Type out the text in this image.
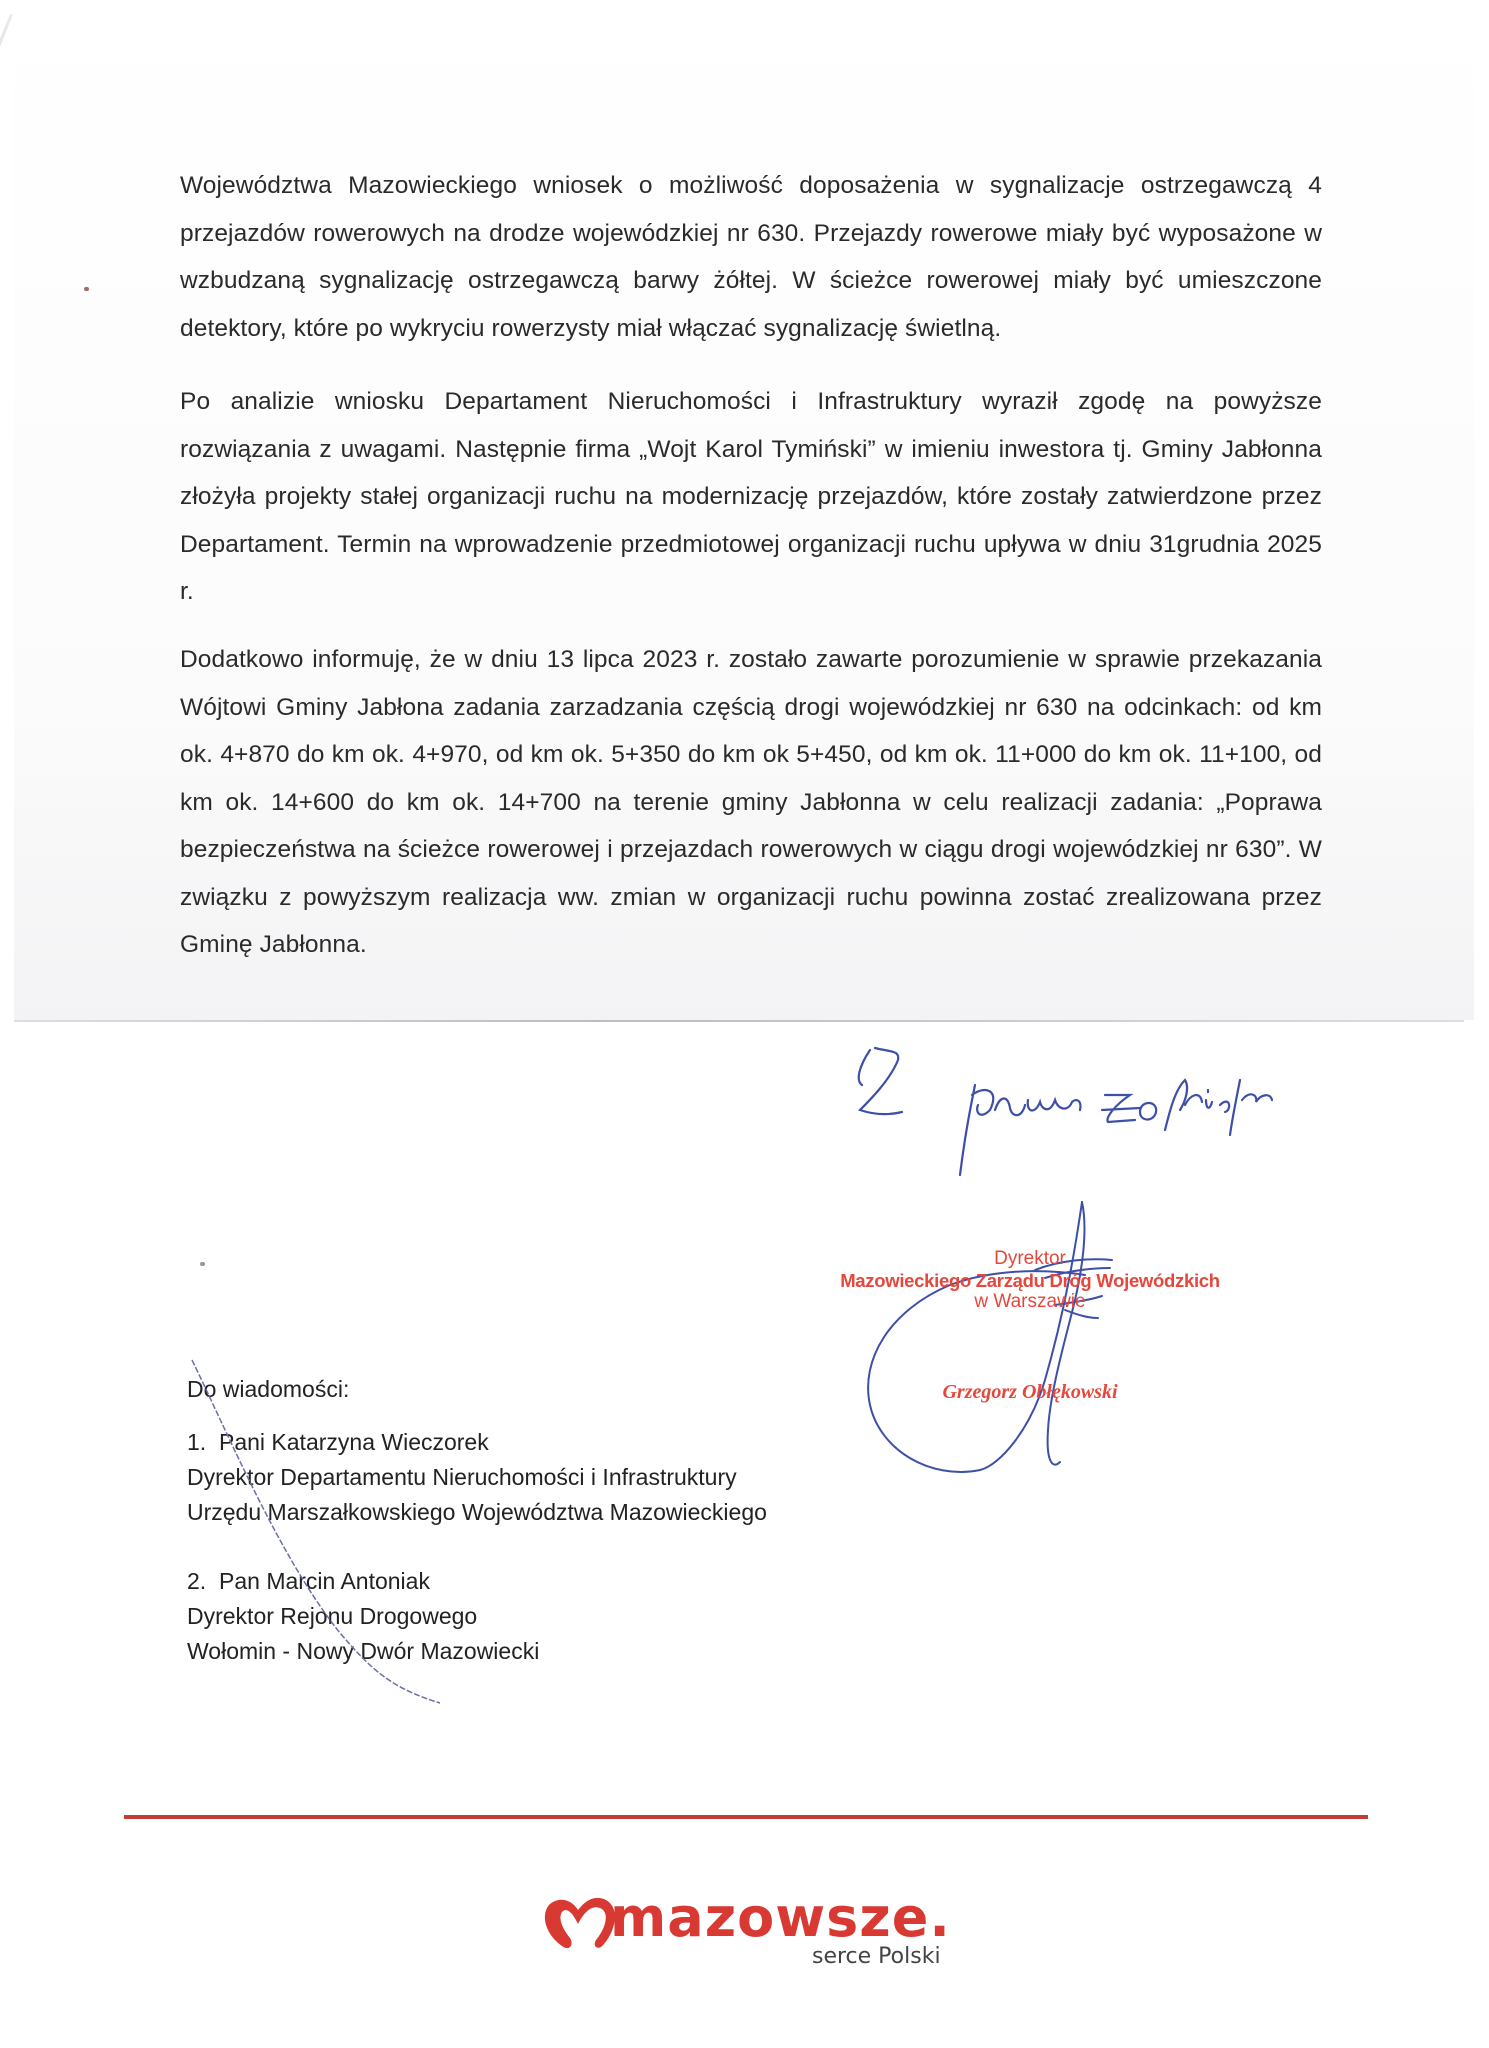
Województwa Mazowieckiego wniosek o możliwość doposażenia w sygnalizacje ostrzegawczą 4 przejazdów rowerowych na drodze wojewódzkiej nr 630. Przejazdy rowerowe miały być wyposażone w wzbudzaną sygnalizację ostrzegawczą barwy żółtej. W ścieżce rowerowej miały być umieszczone detektory, które po wykryciu rowerzysty miał włączać sygnalizację świetlną.

Po analizie wniosku Departament Nieruchomości i Infrastruktury wyraził zgodę na powyższe rozwiązania z uwagami. Następnie firma „Wojt Karol Tymiński” w imieniu inwestora tj. Gminy Jabłonna złożyła projekty stałej organizacji ruchu na modernizację przejazdów, które zostały zatwierdzone przez Departament. Termin na wprowadzenie przedmiotowej organizacji ruchu upływa w dniu 31grudnia 2025 r.

Dodatkowo informuję, że w dniu 13 lipca 2023 r. zostało zawarte porozumienie w sprawie przekazania Wójtowi Gminy Jabłona zadania zarzadzania częścią drogi wojewódzkiej nr 630 na odcinkach: od km ok. 4+870 do km ok. 4+970, od km ok. 5+350 do km ok 5+450, od km ok. 11+000 do km ok. 11+100, od km ok. 14+600 do km ok. 14+700 na terenie gminy Jabłonna w celu realizacji zadania: „Poprawa bezpieczeństwa na ścieżce rowerowej i przejazdach rowerowych w ciągu drogi wojewódzkiej nr 630”. W związku z powyższym realizacja ww. zmian w organizacji ruchu powinna zostać zrealizowana przez Gminę Jabłonna.

Dyrektor
Mazowieckiego Zarządu Dróg Wojewódzkich
w Warszawie
Grzegorz Obłękowski
Do wiadomości:
1. Pani Katarzyna Wieczorek
Dyrektor Departamentu Nieruchomości i Infrastruktury
Urzędu Marszałkowskiego Województwa Mazowieckiego
2. Pan Marcin Antoniak
Dyrektor Rejonu Drogowego
Wołomin - Nowy Dwór Mazowiecki
mazowsze.
serce Polski
